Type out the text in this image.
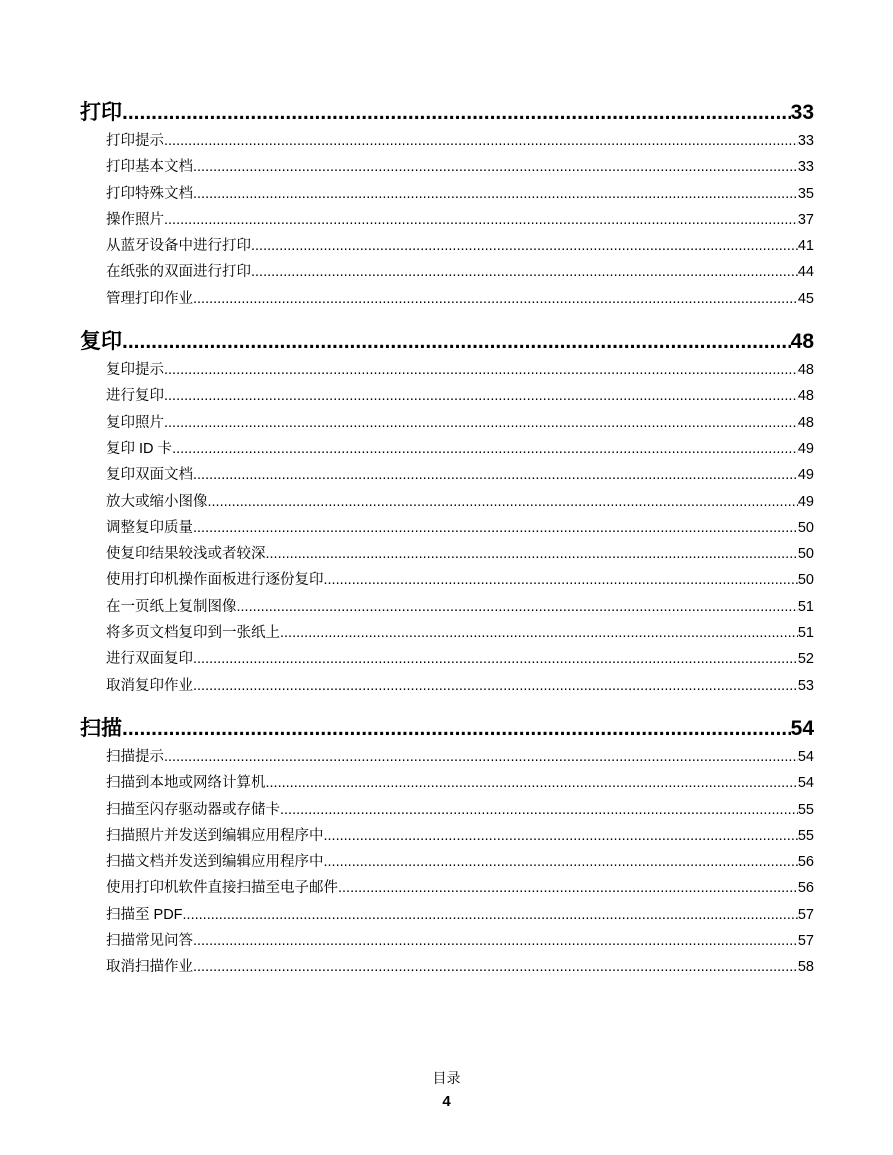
打印 .....	33
打印提示 .....	33
打印基本文档 .....	33
打印特殊文档 .....	35
操作照片 .....	37
从蓝牙设备中进行打印 .....	41
在纸张的双面进行打印 .....	44
管理打印作业 .....	45
复印 .....	48
复印提示 .....	48
进行复印 .....	48
复印照片 .....	48
复印 ID 卡 .....	49
复印双面文档 .....	49
放大或缩小图像 .....	49
调整复印质量 .....	50
使复印结果较浅或者较深 .....	50
使用打印机操作面板进行逐份复印 .....	50
在一页纸上复制图像 .....	51
将多页文档复印到一张纸上 .....	51
进行双面复印 .....	52
取消复印作业 .....	53
扫描 .....	54
扫描提示 .....	54
扫描到本地或网络计算机 .....	54
扫描至闪存驱动器或存储卡 .....	55
扫描照片并发送到编辑应用程序中 .....	55
扫描文档并发送到编辑应用程序中 .....	56
使用打印机软件直接扫描至电子邮件 .....	56
扫描至 PDF .....	57
扫描常见问答 .....	57
取消扫描作业 .....	58
目录
4
